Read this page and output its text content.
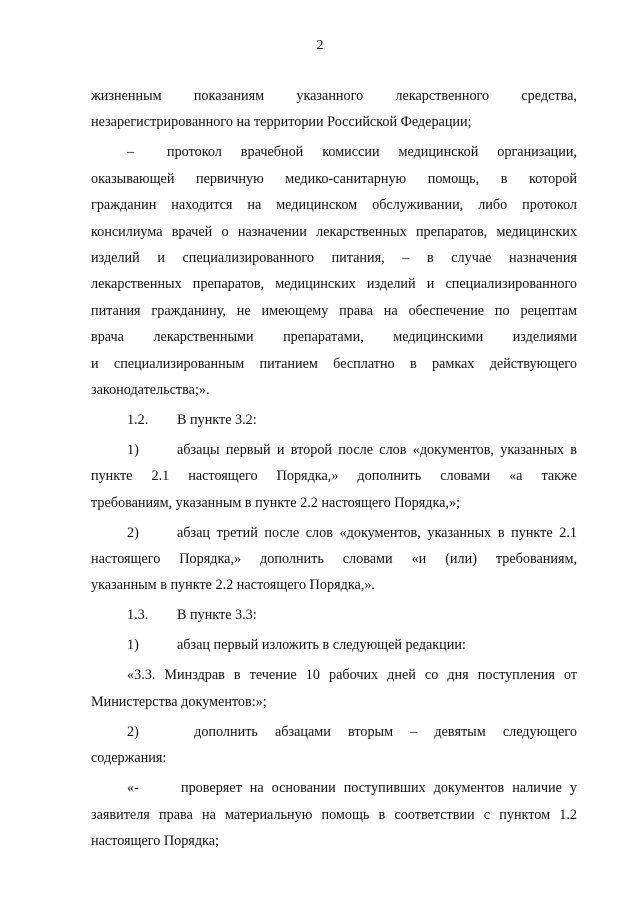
2
жизненным показаниям указанного лекарственного средства,
незарегистрированного на территории Российской Федерации;
–	протокол врачебной комиссии медицинской организации,
оказывающей первичную медико-санитарную помощь, в которой
гражданин находится на медицинском обслуживании, либо протокол
консилиума врачей о назначении лекарственных препаратов, медицинских
изделий и специализированного питания, – в случае назначения
лекарственных препаратов, медицинских изделий и специализированного
питания гражданину, не имеющему права на обеспечение по рецептам
врача лекарственными препаратами, медицинскими изделиями
и специализированным питанием бесплатно в рамках действующего
законодательства;».
1.2. В пункте 3.2:
1)	абзацы первый и второй после слов «документов, указанных в
пункте 2.1 настоящего Порядка,» дополнить словами «а также
требованиям, указанным в пункте 2.2 настоящего Порядка,»;
2)	абзац третий после слов «документов, указанных в пункте 2.1
настоящего Порядка,» дополнить словами «и (или) требованиям,
указанным в пункте 2.2 настоящего Порядка,».
1.3. В пункте 3.3:
1)	абзац первый изложить в следующей редакции:
«3.3. Минздрав в течение 10 рабочих дней со дня поступления от
Министерства документов:»;
2)	дополнить абзацами вторым – девятым следующего
содержания:
«-	проверяет на основании поступивших документов наличие у
заявителя права на материальную помощь в соответствии с пунктом 1.2
настоящего Порядка;
